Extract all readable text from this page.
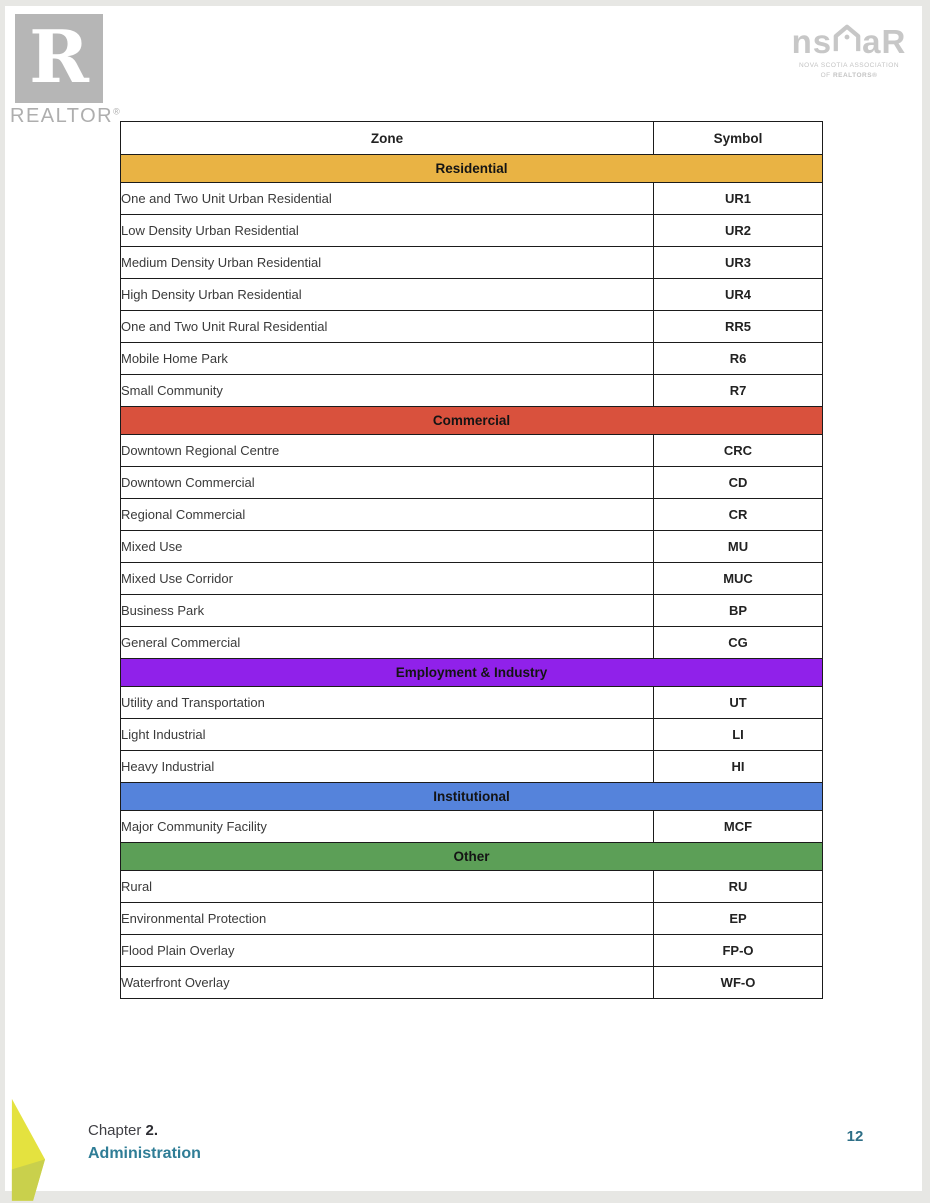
R
REALTOR®
ns aR
NOVA SCOTIA ASSOCIATION
OF REALTORS®
Zone	Symbol
Residential	
One and Two Unit Urban Residential	UR1
Low Density Urban Residential	UR2
Medium Density Urban Residential	UR3
High Density Urban Residential	UR4
One and Two Unit Rural Residential	RR5
Mobile Home Park	R6
Small Community	R7
Commercial	
Downtown Regional Centre	CRC
Downtown Commercial	CD
Regional Commercial	CR
Mixed Use	MU
Mixed Use Corridor	MUC
Business Park	BP
General Commercial	CG
Employment & Industry	
Utility and Transportation	UT
Light Industrial	LI
Heavy Industrial	HI
Institutional	
Major Community Facility	MCF
Other	
Rural	RU
Environmental Protection	EP
Flood Plain Overlay	FP-O
Waterfront Overlay	WF-O
Chapter 2.
Administration
12
